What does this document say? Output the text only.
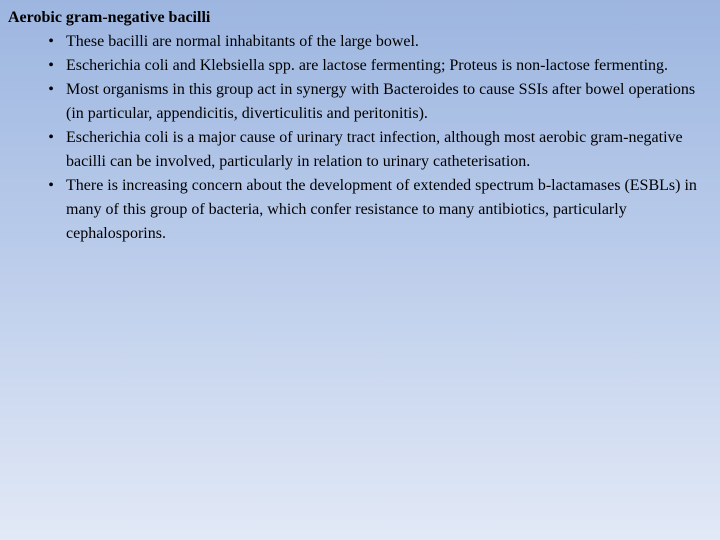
Aerobic gram-negative bacilli
• These bacilli are normal inhabitants of the large bowel.
• Escherichia coli and Klebsiella spp. are lactose fermenting; Proteus is non-lactose fermenting.
• Most organisms in this group act in synergy with Bacteroides to cause SSIs after bowel operations (in particular, appendicitis, diverticulitis and peritonitis).
• Escherichia coli is a major cause of urinary tract infection, although most aerobic gram-negative bacilli can be involved, particularly in relation to urinary catheterisation.
• There is increasing concern about the development of extended spectrum b-lactamases (ESBLs) in many of this group of bacteria, which confer resistance to many antibiotics, particularly cephalosporins.
